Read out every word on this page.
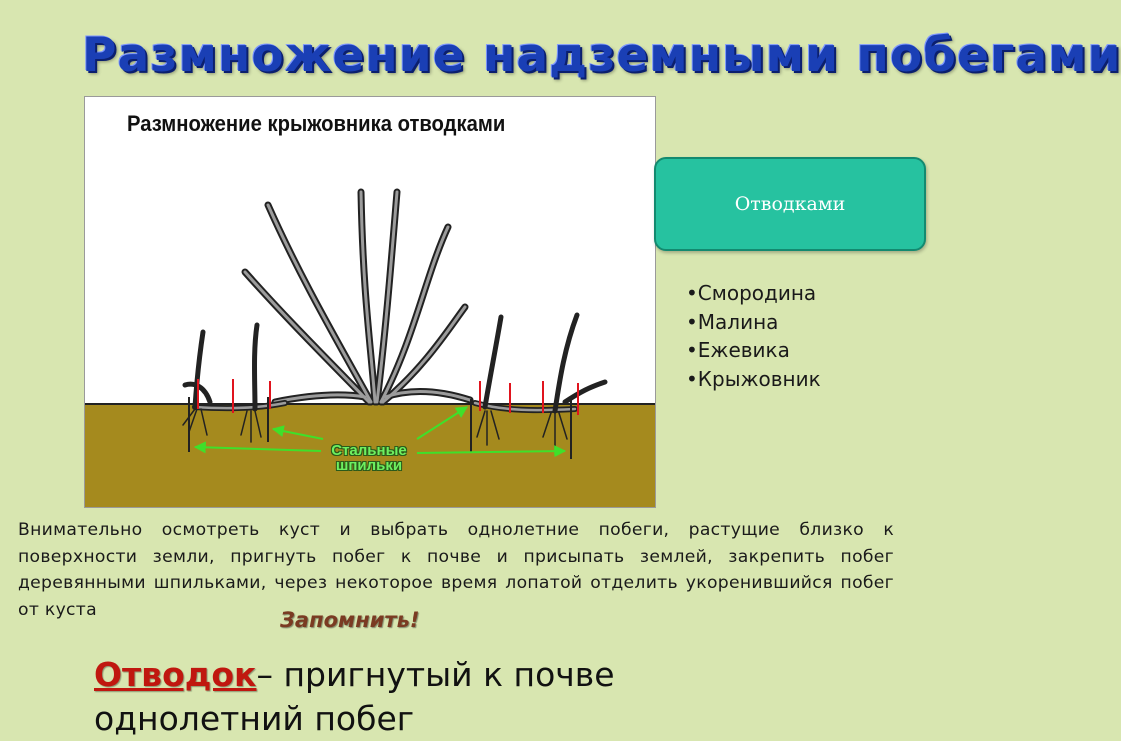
Размножение надземными побегами
Размножение крыжовника отводками
Стальные
шпильки
Отводками
• Смородина
• Малина
• Ежевика
• Крыжовник

Внимательно осмотреть куст и выбрать однолетние побеги, растущие близко к поверхности земли, пригнуть побег к почве и присыпать землей, закрепить побег деревянными шпильками, через некоторое время лопатой отделить укоренившийся побег от куста	Запомнить!

Отводок– пригнутый к почве однолетний побег
